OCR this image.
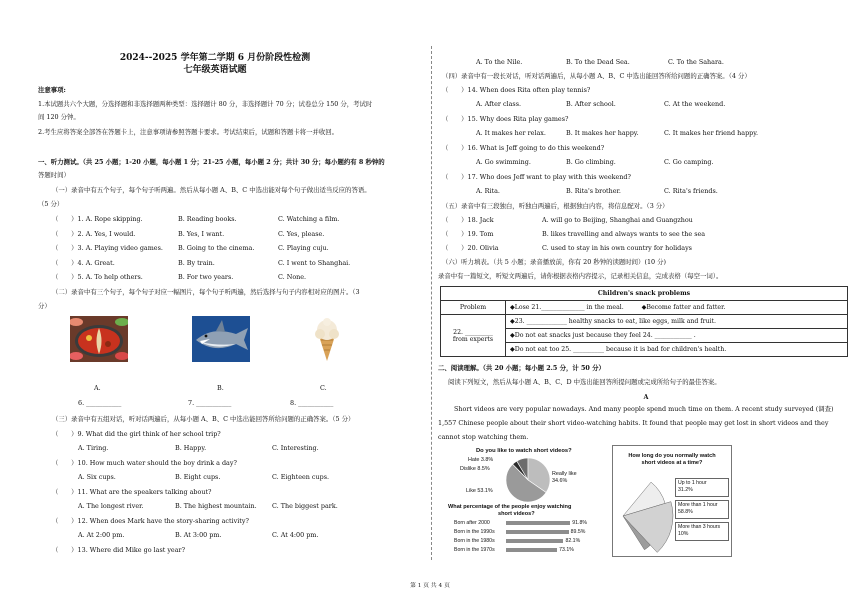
2024--2025 学年第二学期 6 月份阶段性检测
七年级英语试题
注意事项:
1.本试题共六个大题，分选择题和非选择题两种类型：选择题计 80 分，非选择题计 70 分；试卷总分 150 分，考试时
间 120 分钟。
2.考生应将答案全部答在答题卡上，注意事项请参照答题卡要求。考试结束后，试题和答题卡将一并收回。
一、听力测试。（共 25 小题；1-20 小题，每小题 1 分；21-25 小题，每小题 2 分；共计 30 分；每小题约有 8 秒钟的
答题时间）
（一）录音中有五个句子，每个句子听两遍。然后从每小题 A、B、C 中选出能对每个句子做出适当反应的答语。
（5 分）
（　　）1. A. Rope skipping.	B. Reading books.	C. Watching a film.
（　　）2. A. Yes, I would.	B. Yes, I want.	C. Yes, please.
（　　）3. A. Playing video games. B. Going to the cinema.	C. Playing cuju.
（　　）4. A. Great.	B. By train.	C. I went to Shanghai.
（　　）5. A. To help others.	B. For two years.	C. None.
（二）录音中有三个句子，每个句子对应一幅图片，每个句子听两遍，然后选择与句子内容相对应的图片。（3
分）
A.	B.	C.
6. ___________	7. ___________	8. ___________
（三）录音中有五组对话，听对话两遍后，从每小题 A、B、C 中选出能回答所给问题的正确答案。（5 分）
（　　）9. What did the girl think of her school trip?
A. Tiring.	B. Happy.	C. Interesting.
（　　）10. How much water should the boy drink a day?
A. Six cups.	B. Eight cups.	C. Eighteen cups.
（　　）11. What are the speakers talking about?
A. The longest river.	B. The highest mountain. C. The biggest park.
（　　）12. When does Mark have the story-sharing activity?
A. At 2:00 pm.	B. At 3:00 pm.	C. At 4:00 pm.
（　　）13. Where did Mike go last year?
A. To the Nile.	B. To the Dead Sea.	C. To the Sahara.
（四）录音中有一段长对话，听对话两遍后，从每小题 A、B、C 中选出能回答所给问题的正确答案。（4 分）
（　　）14. When does Rita often play tennis?
A. After class.	B. After school.	C. At the weekend.
（　　）15. Why does Rita play games?
A. It makes her relax.	B. It makes her happy.	C. It makes her friend happy.
（　　）16. What is Jeff going to do this weekend?
A. Go swimming.	B. Go climbing.	C. Go camping.
（　　）17. Who does Jeff want to play with this weekend?
A. Rita.	B. Rita's brother.	C. Rita's friends.
（五）录音中有三段独白，听独白两遍后，根据独白内容，将信息配对。（3 分）
（　　）18. Jack	A. will go to Beijing, Shanghai and Guangzhou
（　　）19. Tom	B. likes travelling and always wants to see the sea
（　　）20. Olivia	C. used to stay in his own country for holidays
（六）听力填表。（共 5 小题；录音播放前，你有 20 秒钟的读题时间）(10 分)
录音中有一篇短文，听短文两遍后，请你根据表格内容提示，记录相关信息，完成表格（每空一词）。
Children's snack problems	
Problem	◆Lose 21.______________ in the meal. ◆Become fatter and fatter.

22. _________
from experts	◆23. _____________ healthy snacks to eat, like eggs, milk and fruit.
	◆Do not eat snacks just because they feel 24. ____________ .
	◆Do not eat too 25. __________ because it is bad for children's health.
二、阅读理解。（共 20 小题；每小题 2.5 分，计 50 分）
阅读下列短文，然后从每小题 A、B、C、D 中选出能回答所提问题或完成所给句子的最佳答案。
A
Short videos are very popular nowadays. And many people spend much time on them. A recent study surveyed (调查)
1,557 Chinese people about their short video-watching habits. It found that people may get lost in short videos and they
cannot stop watching them.
Do you like to watch short videos?
Hate 3.8%
Dislike 8.5%
Really like 34.6%
Like 53.1%
What percentage of the people enjoy watching
short videos?
Born after 2000	91.8%
Born in the 1990s	89.5%
Born in the 1980s	82.1%
Born in the 1970s	73.1%
How long do you normally watch
short videos at a time?
Up to 1 hour
31.2%
More than 1 hour
58.8%
More than 3 hours
10%
第 1 页 共 4 页
